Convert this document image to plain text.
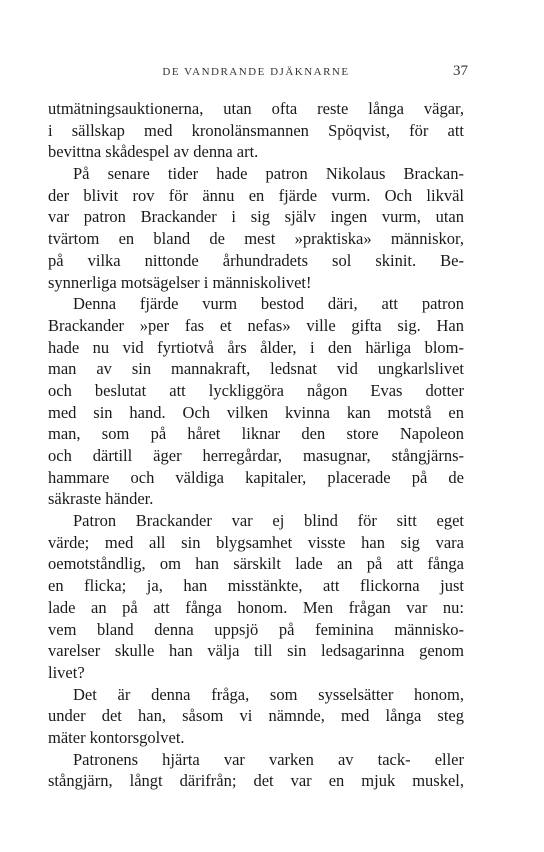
DE VANDRANDE DJÄKNARNE	37
utmätningsauktionerna, utan ofta reste långa vägar,
i sällskap med kronolänsmannen Spöqvist, för att
bevittna skådespel av denna art.
På senare tider hade patron Nikolaus Brackan-
der blivit rov för ännu en fjärde vurm. Och likväl
var patron Brackander i sig själv ingen vurm, utan
tvärtom en bland de mest »praktiska» människor,
på vilka nittonde århundradets sol skinit. Be-
synnerliga motsägelser i människolivet!
Denna fjärde vurm bestod däri, att patron
Brackander »per fas et nefas» ville gifta sig. Han
hade nu vid fyrtiotvå års ålder, i den härliga blom-
man av sin mannakraft, ledsnat vid ungkarlslivet
och beslutat att lyckliggöra någon Evas dotter
med sin hand. Och vilken kvinna kan motstå en
man, som på håret liknar den store Napoleon
och därtill äger herregårdar, masugnar, stångjärns-
hammare och väldiga kapitaler, placerade på de
säkraste händer.
Patron Brackander var ej blind för sitt eget
värde; med all sin blygsamhet visste han sig vara
oemotståndlig, om han särskilt lade an på att fånga
en flicka; ja, han misstänkte, att flickorna just
lade an på att fånga honom. Men frågan var nu:
vem bland denna uppsjö på feminina människo-
varelser skulle han välja till sin ledsagarinna genom
livet?
Det är denna fråga, som sysselsätter honom,
under det han, såsom vi nämnde, med långa steg
mäter kontorsgolvet.
Patronens hjärta var varken av tack- eller
stångjärn, långt därifrån; det var en mjuk muskel,
